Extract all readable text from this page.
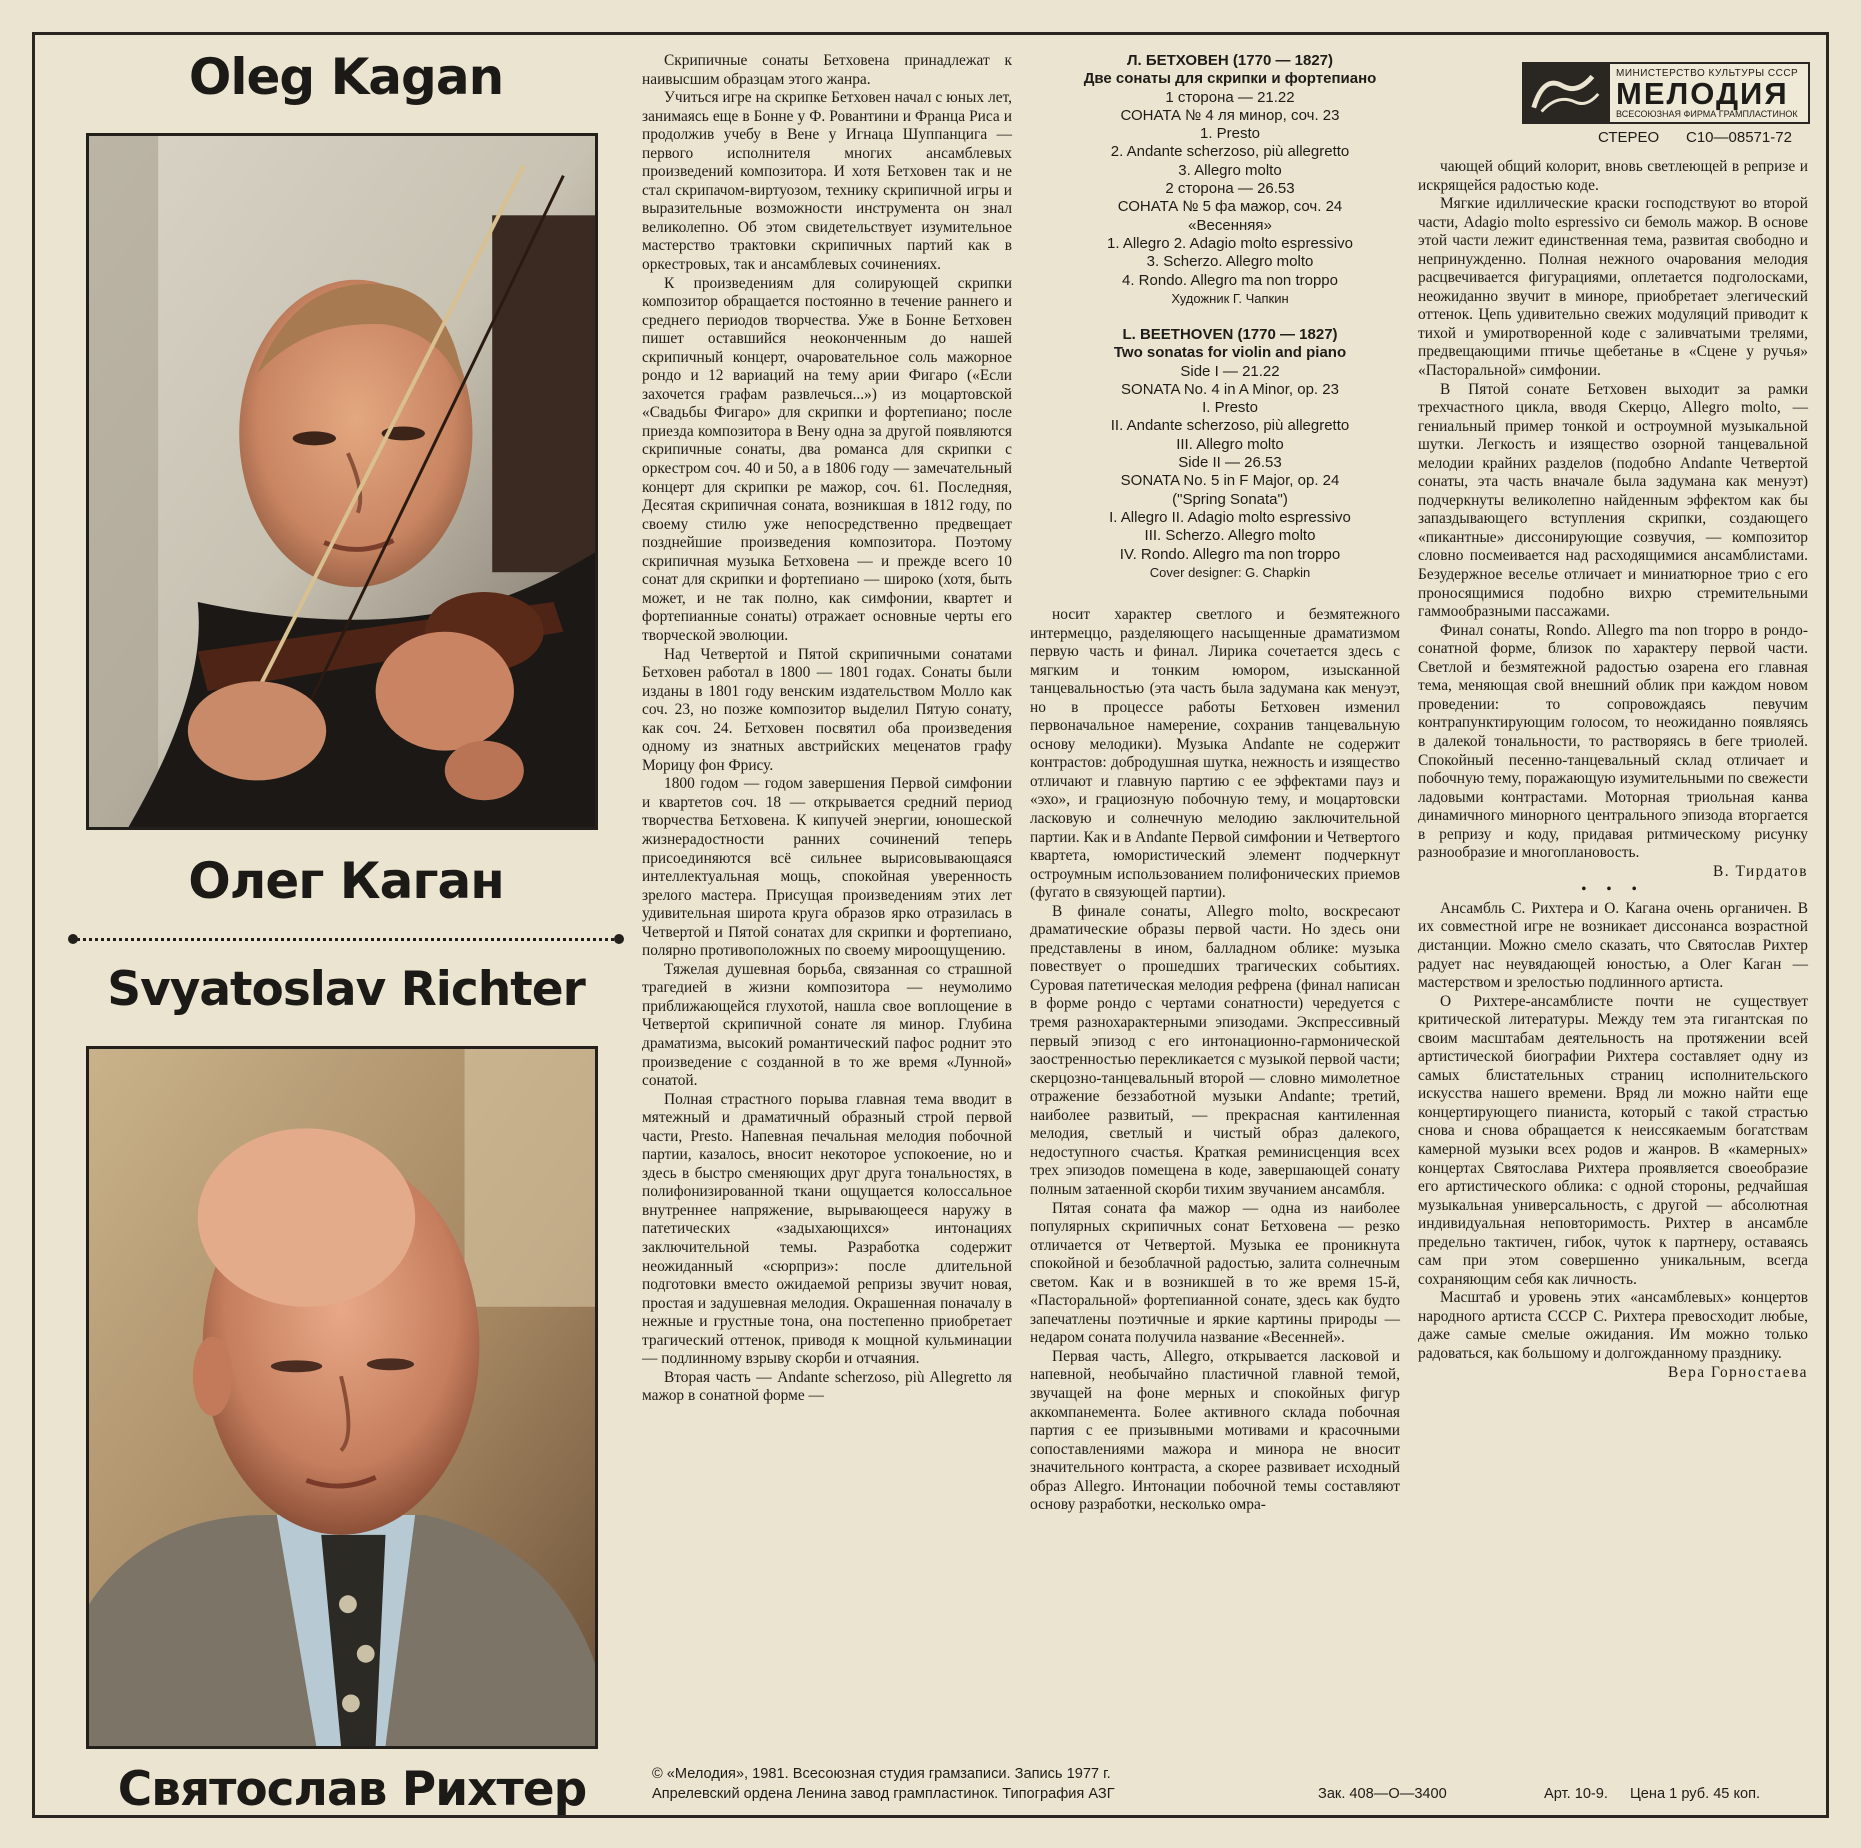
Oleg Kagan
Олег Каган
Svyatoslav Richter
Святослав Рихтер
МИНИСТЕРСТВО КУЛЬТУРЫ СССР
МЕЛОДИЯ
ВСЕСОЮЗНАЯ ФИРМА ГРАМПЛАСТИНОК
СТЕРЕО С10—08571-72
Л. БЕТХОВЕН (1770 — 1827)
Две сонаты для скрипки и фортепиано
1 сторона — 21.22
СОНАТА № 4 ля минор, соч. 23
1. Presto
2. Andante scherzoso, più allegretto
3. Allegro molto
2 сторона — 26.53
СОНАТА № 5 фа мажор, соч. 24
«Весенняя»
1. Allegro 2. Adagio molto espressivo
3. Scherzo. Allegro molto
4. Rondo. Allegro ma non troppo
Художник Г. Чапкин
L. BEETHOVEN (1770 — 1827)
Two sonatas for violin and piano
Side I — 21.22
SONATA No. 4 in A Minor, op. 23
I. Presto
II. Andante scherzoso, più allegretto
III. Allegro molto
Side II — 26.53
SONATA No. 5 in F Major, op. 24
("Spring Sonata")
I. Allegro II. Adagio molto espressivo
III. Scherzo. Allegro molto
IV. Rondo. Allegro ma non troppo
Cover designer: G. Chapkin

Скрипичные сонаты Бетховена принадлежат к наивысшим образцам этого жанра.

Учиться игре на скрипке Бетховен начал с юных лет, занимаясь еще в Бонне у Ф. Ровантини и Франца Риса и продолжив учебу в Вене у Игнаца Шуппанцига — первого исполнителя многих ансамблевых произведений композитора. И хотя Бетховен так и не стал скрипачом-виртуозом, технику скрипичной игры и выразительные возможности инструмента он знал великолепно. Об этом свидетельствует изумительное мастерство трактовки скрипичных партий как в оркестровых, так и ансамблевых сочинениях.

К произведениям для солирующей скрипки композитор обращается постоянно в течение раннего и среднего периодов творчества. Уже в Бонне Бетховен пишет оставшийся неоконченным до нашей скрипичный концерт, очаровательное соль мажорное рондо и 12 вариаций на тему арии Фигаро («Если захочется графам развлечься...») из моцартовской «Свадьбы Фигаро» для скрипки и фортепиано; после приезда композитора в Вену одна за другой появляются скрипичные сонаты, два романса для скрипки с оркестром соч. 40 и 50, а в 1806 году — замечательный концерт для скрипки ре мажор, соч. 61. Последняя, Десятая скрипичная соната, возникшая в 1812 году, по своему стилю уже непосредственно предвещает позднейшие произведения композитора. Поэтому скрипичная музыка Бетховена — и прежде всего 10 сонат для скрипки и фортепиано — широко (хотя, быть может, и не так полно, как симфонии, квартет и фортепианные сонаты) отражает основные черты его творческой эволюции.

Над Четвертой и Пятой скрипичными сонатами Бетховен работал в 1800 — 1801 годах. Сонаты были изданы в 1801 году венским издательством Молло как соч. 23, но позже композитор выделил Пятую сонату, как соч. 24. Бетховен посвятил оба произведения одному из знатных австрийских меценатов графу Морицу фон Фрису.

1800 годом — годом завершения Первой симфонии и квартетов соч. 18 — открывается средний период творчества Бетховена. К кипучей энергии, юношеской жизнерадостности ранних сочинений теперь присоединяются всё сильнее вырисовывающаяся интеллектуальная мощь, спокойная уверенность зрелого мастера. Присущая произведениям этих лет удивительная широта круга образов ярко отразилась в Четвертой и Пятой сонатах для скрипки и фортепиано, полярно противоположных по своему мироощущению.

Тяжелая душевная борьба, связанная со страшной трагедией в жизни композитора — неумолимо приближающейся глухотой, нашла свое воплощение в Четвертой скрипичной сонате ля минор. Глубина драматизма, высокий романтический пафос роднит это произведение с созданной в то же время «Лунной» сонатой.

Полная страстного порыва главная тема вводит в мятежный и драматичный образный строй первой части, Presto. Напевная печальная мелодия побочной партии, казалось, вносит некоторое успокоение, но и здесь в быстро сменяющих друг друга тональностях, в полифонизированной ткани ощущается колоссальное внутреннее напряжение, вырывающееся наружу в патетических «задыхающихся» интонациях заключительной темы. Разработка содержит неожиданный «сюрприз»: после длительной подготовки вместо ожидаемой репризы звучит новая, простая и задушевная мелодия. Окрашенная поначалу в нежные и грустные тона, она постепенно приобретает трагический оттенок, приводя к мощной кульминации — подлинному взрыву скорби и отчаяния.

Вторая часть — Andante scherzoso, più Allegretto ля мажор в сонатной форме —

носит характер светлого и безмятежного интермеццо, разделяющего насыщенные драматизмом первую часть и финал. Лирика сочетается здесь с мягким и тонким юмором, изысканной танцевальностью (эта часть была задумана как менуэт, но в процессе работы Бетховен изменил первоначальное намерение, сохранив танцевальную основу мелодики). Музыка Andante не содержит контрастов: добродушная шутка, нежность и изящество отличают и главную партию с ее эффектами пауз и «эхо», и грациозную побочную тему, и моцартовски ласковую и солнечную мелодию заключительной партии. Как и в Andante Первой симфонии и Четвертого квартета, юмористический элемент подчеркнут остроумным использованием полифонических приемов (фугато в связующей партии).

В финале сонаты, Allegro molto, воскресают драматические образы первой части. Но здесь они представлены в ином, балладном облике: музыка повествует о прошедших трагических событиях. Суровая патетическая мелодия рефрена (финал написан в форме рондо с чертами сонатности) чередуется с тремя разнохарактерными эпизодами. Экспрессивный первый эпизод с его интонационно-гармонической заостренностью перекликается с музыкой первой части; скерцозно-танцевальный второй — словно мимолетное отражение беззаботной музыки Andante; третий, наиболее развитый, — прекрасная кантиленная мелодия, светлый и чистый образ далекого, недоступного счастья. Краткая реминисценция всех трех эпизодов помещена в коде, завершающей сонату полным затаенной скорби тихим звучанием ансамбля.

Пятая соната фа мажор — одна из наиболее популярных скрипичных сонат Бетховена — резко отличается от Четвертой. Музыка ее проникнута спокойной и безоблачной радостью, залита солнечным светом. Как и в возникшей в то же время 15-й, «Пасторальной» фортепианной сонате, здесь как будто запечатлены поэтичные и яркие картины природы — недаром соната получила название «Весенней».

Первая часть, Allegro, открывается ласковой и напевной, необычайно пластичной главной темой, звучащей на фоне мерных и спокойных фигур аккомпанемента. Более активного склада побочная партия с ее призывными мотивами и красочными сопоставлениями мажора и минора не вносит значительного контраста, а скорее развивает исходный образ Allegro. Интонации побочной темы составляют основу разработки, несколько омра-

чающей общий колорит, вновь светлеющей в репризе и искрящейся радостью коде.

Мягкие идиллические краски господствуют во второй части, Adagio molto espressivo си бемоль мажор. В основе этой части лежит единственная тема, развитая свободно и непринужденно. Полная нежного очарования мелодия расцвечивается фигурациями, оплетается подголосками, неожиданно звучит в миноре, приобретает элегический оттенок. Цепь удивительно свежих модуляций приводит к тихой и умиротворенной коде с заливчатыми трелями, предвещающими птичье щебетанье в «Сцене у ручья» «Пасторальной» симфонии.

В Пятой сонате Бетховен выходит за рамки трехчастного цикла, вводя Скерцо, Allegro molto, — гениальный пример тонкой и остроумной музыкальной шутки. Легкость и изящество озорной танцевальной мелодии крайних разделов (подобно Andante Четвертой сонаты, эта часть вначале была задумана как менуэт) подчеркнуты великолепно найденным эффектом как бы запаздывающего вступления скрипки, создающего «пикантные» диссонирующие созвучия, — композитор словно посмеивается над расходящимися ансамблистами. Безудержное веселье отличает и миниатюрное трио с его проносящимися подобно вихрю стремительными гаммообразными пассажами.

Финал сонаты, Rondo. Allegro ma non troppo в рондо-сонатной форме, близок по характеру первой части. Светлой и безмятежной радостью озарена его главная тема, меняющая свой внешний облик при каждом новом проведении: то сопровождаясь певучим контрапунктирующим голосом, то неожиданно появляясь в далекой тональности, то растворяясь в беге триолей. Спокойный песенно-танцевальный склад отличает и побочную тему, поражающую изумительными по свежести ладовыми контрастами. Моторная триольная канва динамичного минорного центрального эпизода вторгается в репризу и коду, придавая ритмическому рисунку разнообразие и многоплановость.

В. Тирдатов

• • •

Ансамбль С. Рихтера и О. Кагана очень органичен. В их совместной игре не возникает диссонанса возрастной дистанции. Можно смело сказать, что Святослав Рихтер радует нас неувядающей юностью, а Олег Каган — мастерством и зрелостью подлинного артиста.

О Рихтере-ансамблисте почти не существует критической литературы. Между тем эта гигантская по своим масштабам деятельность на протяжении всей артистической биографии Рихтера составляет одну из самых блистательных страниц исполнительского искусства нашего времени. Вряд ли можно найти еще концертирующего пианиста, который с такой страстью снова и снова обращается к неиссякаемым богатствам камерной музыки всех родов и жанров. В «камерных» концертах Святослава Рихтера проявляется своеобразие его артистического облика: с одной стороны, редчайшая музыкальная универсальность, с другой — абсолютная индивидуальная неповторимость. Рихтер в ансамбле предельно тактичен, гибок, чуток к партнеру, оставаясь сам при этом совершенно уникальным, всегда сохраняющим себя как личность.

Масштаб и уровень этих «ансамблевых» концертов народного артиста СССР С. Рихтера превосходит любые, даже самые смелые ожидания. Им можно только радоваться, как большому и долгожданному празднику.

Вера Горностаева

© «Мелодия», 1981. Всесоюзная студия грамзаписи. Запись 1977 г.
Апрелевский ордена Ленина завод грампластинок. Типография АЗГ	Зак. 408—О—3400	Арт. 10-9. Цена 1 руб. 45 коп.
